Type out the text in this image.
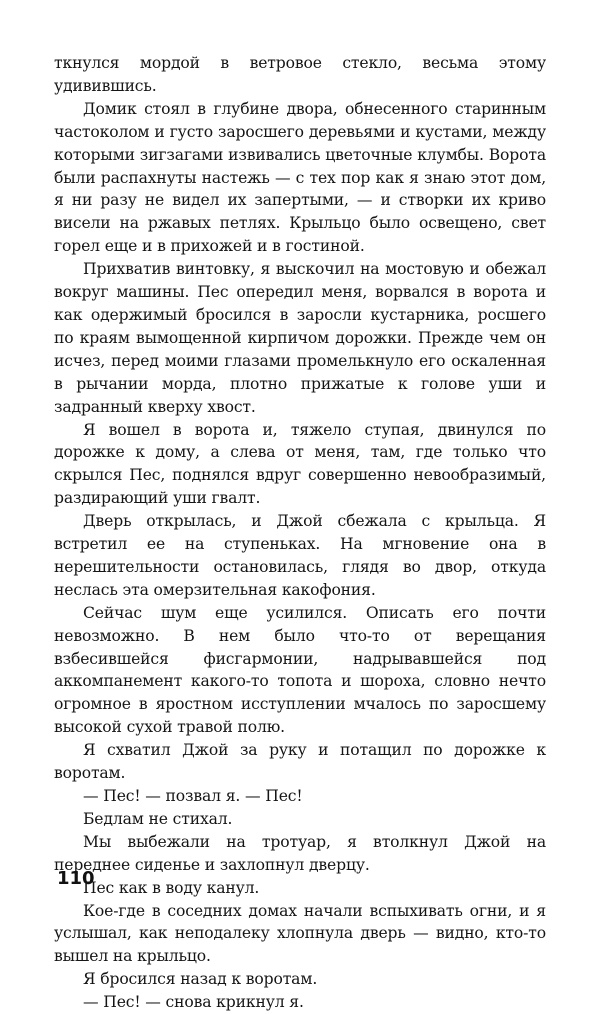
ткнулся мордой в ветровое стекло, весьма этому удивившись.

Домик стоял в глубине двора, обнесенного старинным частоколом и густо заросшего деревьями и кустами, между которыми зигзагами извивались цветочные клумбы. Ворота были распахнуты настежь — с тех пор как я знаю этот дом, я ни разу не видел их запертыми, — и створки их криво висели на ржавых петлях. Крыльцо было освещено, свет горел еще и в прихожей и в гостиной.

Прихватив винтовку, я выскочил на мостовую и обежал вокруг машины. Пес опередил меня, ворвался в ворота и как одержимый бросился в заросли кустарника, росшего по краям вымощенной кирпичом дорожки. Прежде чем он исчез, перед моими глазами промелькнуло его оскаленная в рычании морда, плотно прижатые к голове уши и задранный кверху хвост.

Я вошел в ворота и, тяжело ступая, двинулся по дорожке к дому, а слева от меня, там, где только что скрылся Пес, поднялся вдруг совершенно невообразимый, раздирающий уши гвалт.

Дверь открылась, и Джой сбежала с крыльца. Я встретил ее на ступеньках. На мгновение она в нерешительности остановилась, глядя во двор, откуда неслась эта омерзительная какофония.

Сейчас шум еще усилился. Описать его почти невозможно. В нем было что-то от верещания взбесившейся фисгармонии, надрывавшейся под аккомпанемент какого-то топота и шороха, словно нечто огромное в яростном исступлении мчалось по заросшему высокой сухой травой полю.

Я схватил Джой за руку и потащил по дорожке к воротам.

— Пес! — позвал я. — Пес!

Бедлам не стихал.

Мы выбежали на тротуар, я втолкнул Джой на переднее сиденье и захлопнул дверцу.

Пес как в воду канул.

Кое-где в соседних домах начали вспыхивать огни, и я услышал, как неподалеку хлопнула дверь — видно, кто-то вышел на крыльцо.

Я бросился назад к воротам.

— Пес! — снова крикнул я.

110
